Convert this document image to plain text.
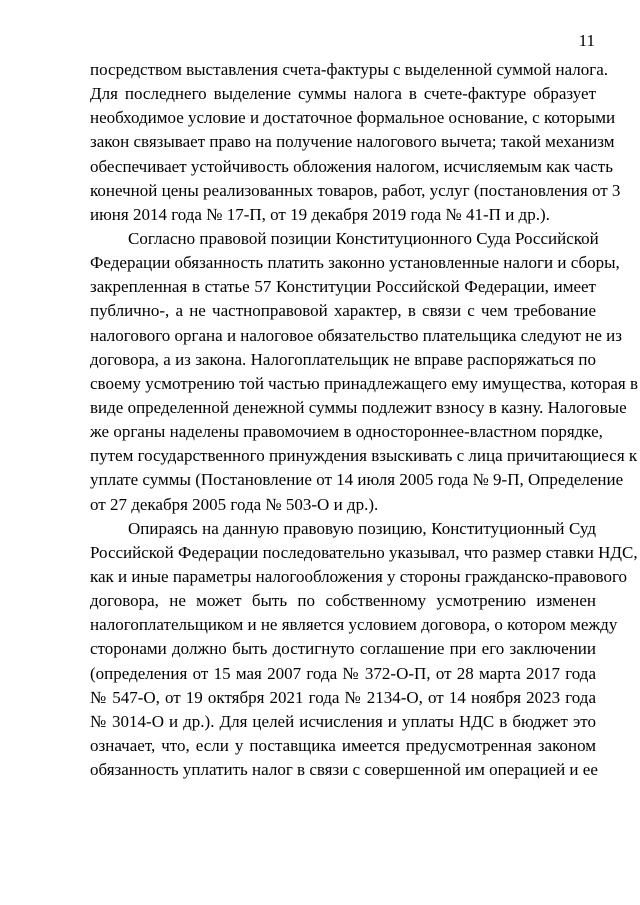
11
посредством выставления счета-фактуры с выделенной суммой налога.
Для последнего выделение суммы налога в счете-фактуре образует
необходимое условие и достаточное формальное основание, с которыми
закон связывает право на получение налогового вычета; такой механизм
обеспечивает устойчивость обложения налогом, исчисляемым как часть
конечной цены реализованных товаров, работ, услуг (постановления от 3
июня 2014 года № 17-П, от 19 декабря 2019 года № 41-П и др.).
Согласно правовой позиции Конституционного Суда Российской
Федерации обязанность платить законно установленные налоги и сборы,
закрепленная в статье 57 Конституции Российской Федерации, имеет
публично-, а не частноправовой характер, в связи с чем требование
налогового органа и налоговое обязательство плательщика следуют не из
договора, а из закона. Налогоплательщик не вправе распоряжаться по
своему усмотрению той частью принадлежащего ему имущества, которая в
виде определенной денежной суммы подлежит взносу в казну. Налоговые
же органы наделены правомочием в одностороннее-властном порядке,
путем государственного принуждения взыскивать с лица причитающиеся к
уплате суммы (Постановление от 14 июля 2005 года № 9-П, Определение
от 27 декабря 2005 года № 503-О и др.).
Опираясь на данную правовую позицию, Конституционный Суд
Российской Федерации последовательно указывал, что размер ставки НДС,
как и иные параметры налогообложения у стороны гражданско-правового
договора, не может быть по собственному усмотрению изменен
налогоплательщиком и не является условием договора, о котором между
сторонами должно быть достигнуто соглашение при его заключении
(определения от 15 мая 2007 года № 372-О-П, от 28 марта 2017 года
№ 547-О, от 19 октября 2021 года № 2134-О, от 14 ноября 2023 года
№ 3014-О и др.). Для целей исчисления и уплаты НДС в бюджет это
означает, что, если у поставщика имеется предусмотренная законом
обязанность уплатить налог в связи с совершенной им операцией и ее
